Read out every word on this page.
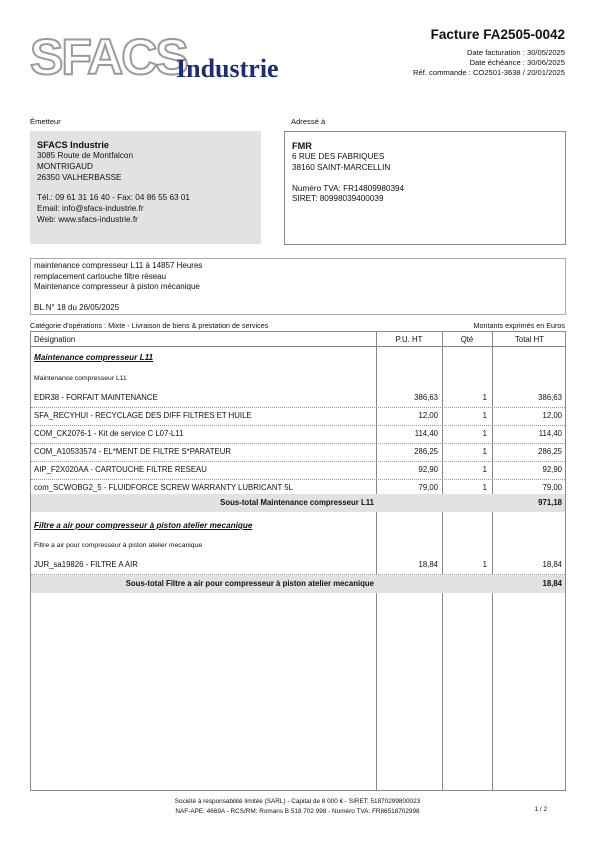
SFACS
Industrie
Facture FA2505-0042
Date facturation : 30/05/2025
Date échéance : 30/06/2025
Réf. commande : CO2501-3638 / 20/01/2025
Émetteur	Adressé à
SFACS Industrie
3085 Route de Montfalcon
MONTRIGAUD
26350 VALHERBASSE
Tél.: 09 61 31 16 40 - Fax: 04 86 55 63 01
Email: info@sfacs-industrie.fr
Web: www.sfacs-industrie.fr
FMR
6 RUE DES FABRIQUES
38160 SAINT-MARCELLIN
Numéro TVA: FR14809980394
SIRET: 80998039400039
maintenance compresseur L11 à 14857 Heures
remplacement cartouche filtre réseau
Maintenance compresseur à piston mécanique
BL N° 18 du 26/05/2025
Catégorie d'opérations : Mixte - Livraison de biens & prestation de services	Montants exprimés en Euros
Désignation	P.U. HT	Qté	Total HT
Maintenance compresseur L11
Maintenance compresseur L11
EDR38 - FORFAIT MAINTENANCE	386,63	1	386,63
SFA_RECYHUI - RECYCLAGE DES DIFF FILTRES ET HUILE	12,00	1	12,00
COM_CK2076-1 - Kit de service C L07-L11	114,40	1	114,40
COM_A10533574 - EL*MENT DE FILTRE S*PARATEUR	286,25	1	286,25
AIP_F2X020AA - CARTOUCHE FILTRE RESEAU	92,90	1	92,90
com_SCWOBG2_5 - FLUIDFORCE SCREW WARRANTY LUBRICANT 5L	79,00	1	79,00
Sous-total Maintenance compresseur L11	971,18
Filtre a air pour compresseur à piston atelier mecanique
Filtre a air pour compresseur à piston atelier mecanique
JUR_sa19826 - FILTRE A AIR	18,84	1	18,84
Sous-total Filtre a air pour compresseur à piston atelier mecanique	18,84
Société à responsabilité limitée (SARL) - Capital de 8 000 € - SIRET: 51870299800023
NAF-APE: 4669A - RCS/RM: Romans B 518 702 998 - Numéro TVA: FR86518702998	1 / 2
